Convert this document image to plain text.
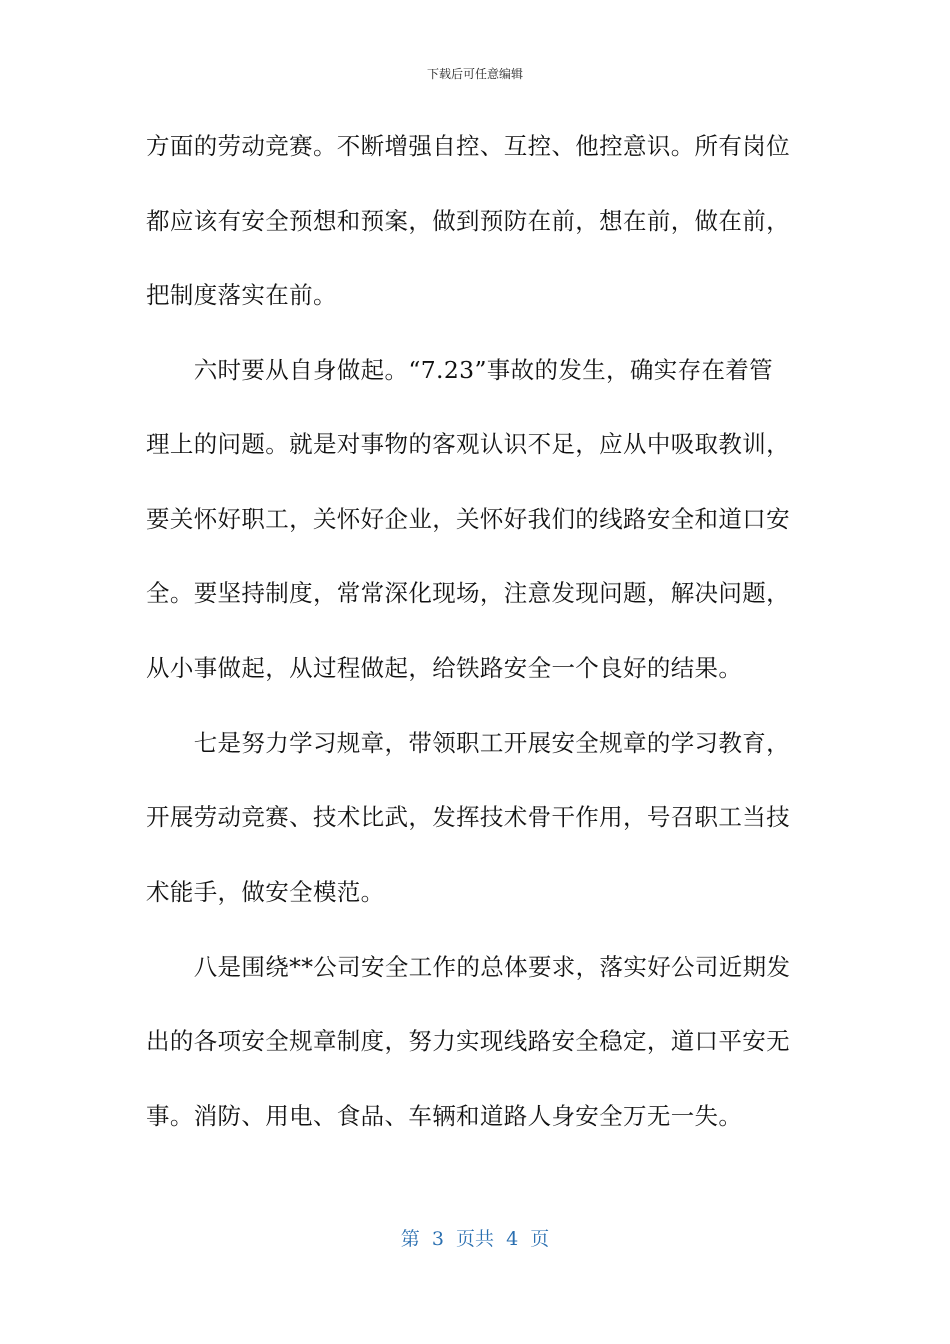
下载后可任意编辑
方面的劳动竞赛。不断增强自控、互控、他控意识。所有岗位
都应该有安全预想和预案，做到预防在前，想在前，做在前，
把制度落实在前。
　　六时要从自身做起。“7.23”事故的发生，确实存在着管
理上的问题。就是对事物的客观认识不足，应从中吸取教训，
要关怀好职工，关怀好企业，关怀好我们的线路安全和道口安
全。要坚持制度，常常深化现场，注意发现问题，解决问题，
从小事做起，从过程做起，给铁路安全一个良好的结果。
　　七是努力学习规章，带领职工开展安全规章的学习教育，
开展劳动竞赛、技术比武，发挥技术骨干作用，号召职工当技
术能手，做安全模范。
　　八是围绕**公司安全工作的总体要求，落实好公司近期发
出的各项安全规章制度，努力实现线路安全稳定，道口平安无
事。消防、用电、食品、车辆和道路人身安全万无一失。
第  3  页共  4  页
